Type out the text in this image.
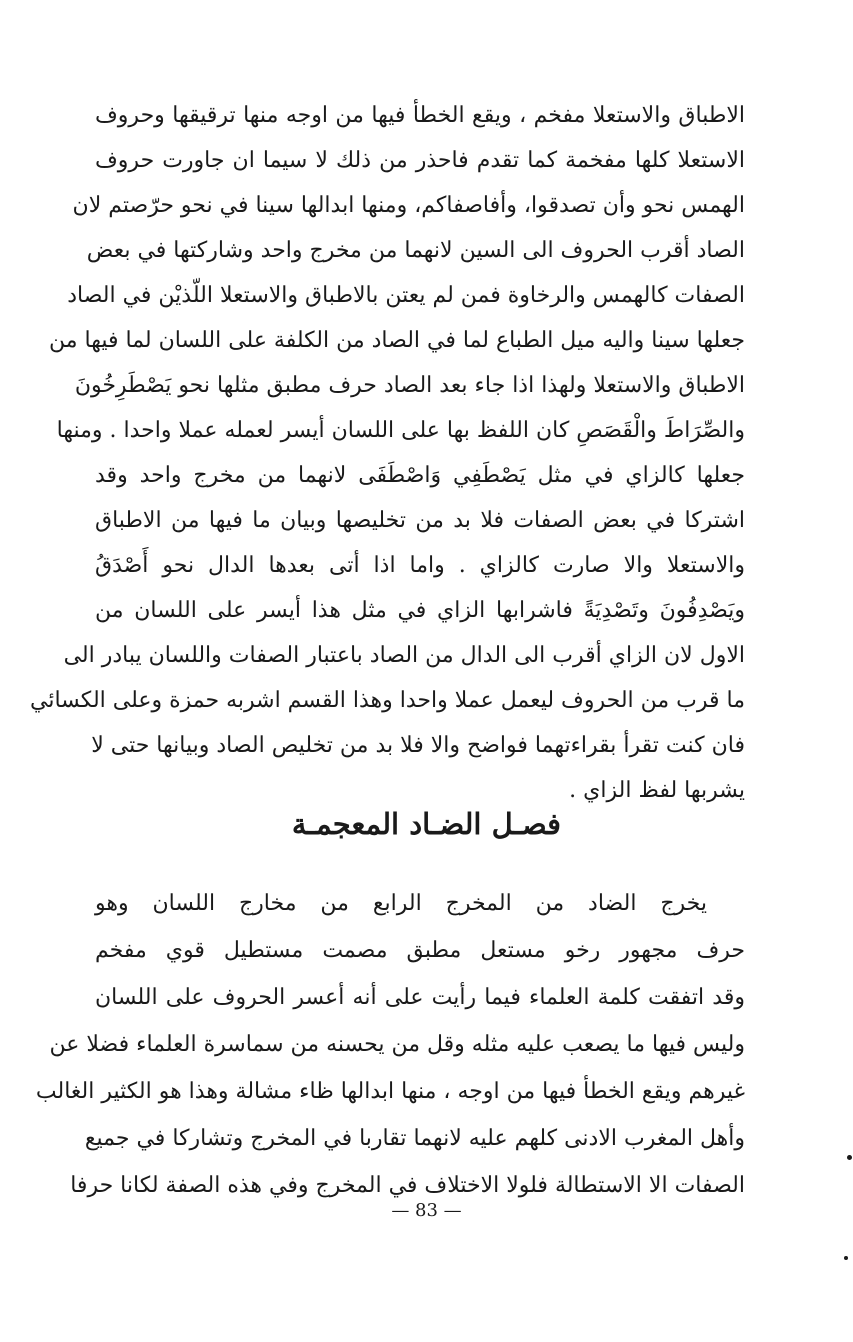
الاطباق والاستعلا مفخم ، ويقع الخطأ فيها من اوجه منها ترقيقها وحروف
الاستعلا كلها مفخمة كما تقدم فاحذر من ذلك لا سيما ان جاورت حروف
الهمس نحو وأن تصدقوا، وأفاصفاكم، ومنها ابدالها سينا في نحو حرّصتم لان
الصاد أقرب الحروف الى السين لانهما من مخرج واحد وشاركتها في بعض
الصفات كالهمس والرخاوة فمن لم يعتن بالاطباق والاستعلا اللّذيْن في الصاد
جعلها سينا واليه ميل الطباع لما في الصاد من الكلفة على اللسان لما فيها من
الاطباق والاستعلا ولهذا اذا جاء بعد الصاد حرف مطبق مثلها نحو يَصْطَرِخُونَ
والصِّرَاطَ والْقَصَصِ كان اللفظ بها على اللسان أيسر لعمله عملا واحدا . ومنها
جعلها كالزاي في مثل يَصْطَفِي وَاصْطَفَى لانهما من مخرج واحد وقد
اشتركا في بعض الصفات فلا بد من تخليصها وبيان ما فيها من الاطباق
والاستعلا والا صارت كالزاي . واما اذا أتى بعدها الدال نحو أَصْدَقُ
ويَصْدِفُونَ وتَصْدِيَةً فاشرابها الزاي في مثل هذا أيسر على اللسان من
الاول لان الزاي أقرب الى الدال من الصاد باعتبار الصفات واللسان يبادر الى
ما قرب من الحروف ليعمل عملا واحدا وهذا القسم اشربه حمزة وعلى الكسائي
فان كنت تقرأ بقراءتهما فواضح والا فلا بد من تخليص الصاد وبيانها حتى لا
يشربها لفظ الزاي .
فصـل الضـاد المعجمـة
يخرج الضاد من المخرج الرابع من مخارج اللسان وهو
حرف مجهور رخو مستعل مطبق مصمت مستطيل قوي مفخم
وقد اتفقت كلمة العلماء فيما رأيت على أنه أعسر الحروف على اللسان
وليس فيها ما يصعب عليه مثله وقل من يحسنه من سماسرة العلماء فضلا عن
غيرهم ويقع الخطأ فيها من اوجه ، منها ابدالها ظاء مشالة وهذا هو الكثير الغالب
وأهل المغرب الادنى كلهم عليه لانهما تقاربا في المخرج وتشاركا في جميع
الصفات الا الاستطالة فلولا الاختلاف في المخرج وفي هذه الصفة لكانا حرفا
— 83 —
